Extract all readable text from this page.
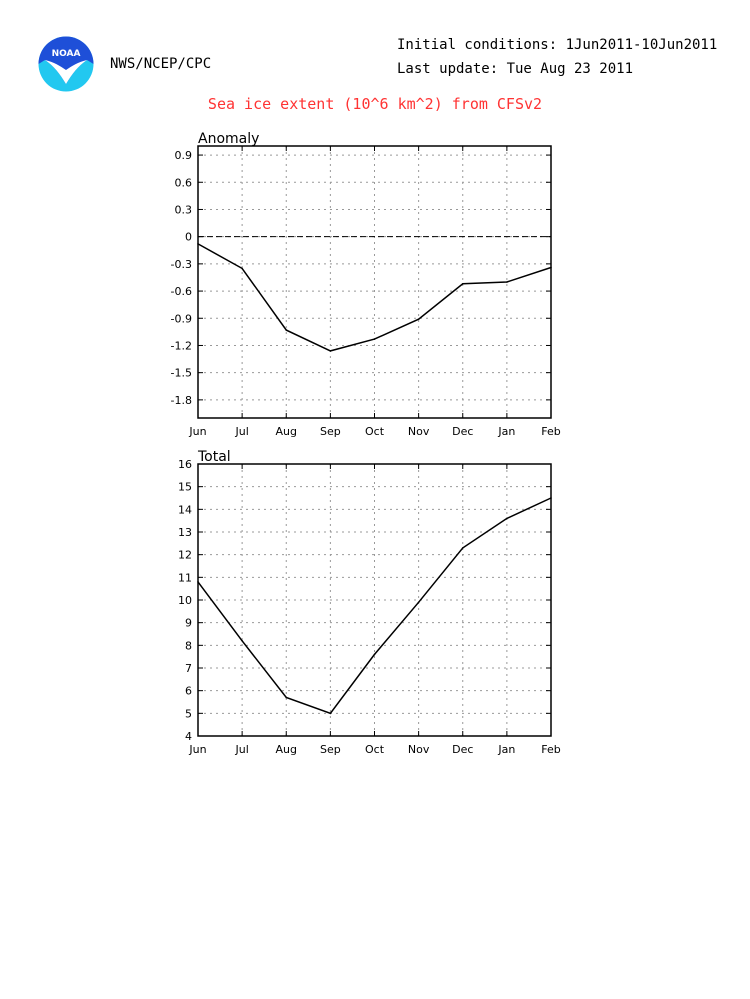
NOAA
NWS/NCEP/CPC
Initial conditions: 1Jun2011-10Jun2011
Last update: Tue Aug 23 2011
Sea ice extent (10^6 km^2) from CFSv2
0.9
0.6
0.3
0
-0.3
-0.6
-0.9
-1.2
-1.5
-1.8
Jun	Jul Aug Sep Oct Nov Dec Jan Feb
Anomaly
16
15
14
13
12
11
10
9
8
7
6
5
4
Jun	Jul Aug Sep Oct Nov Dec Jan Feb
Total
